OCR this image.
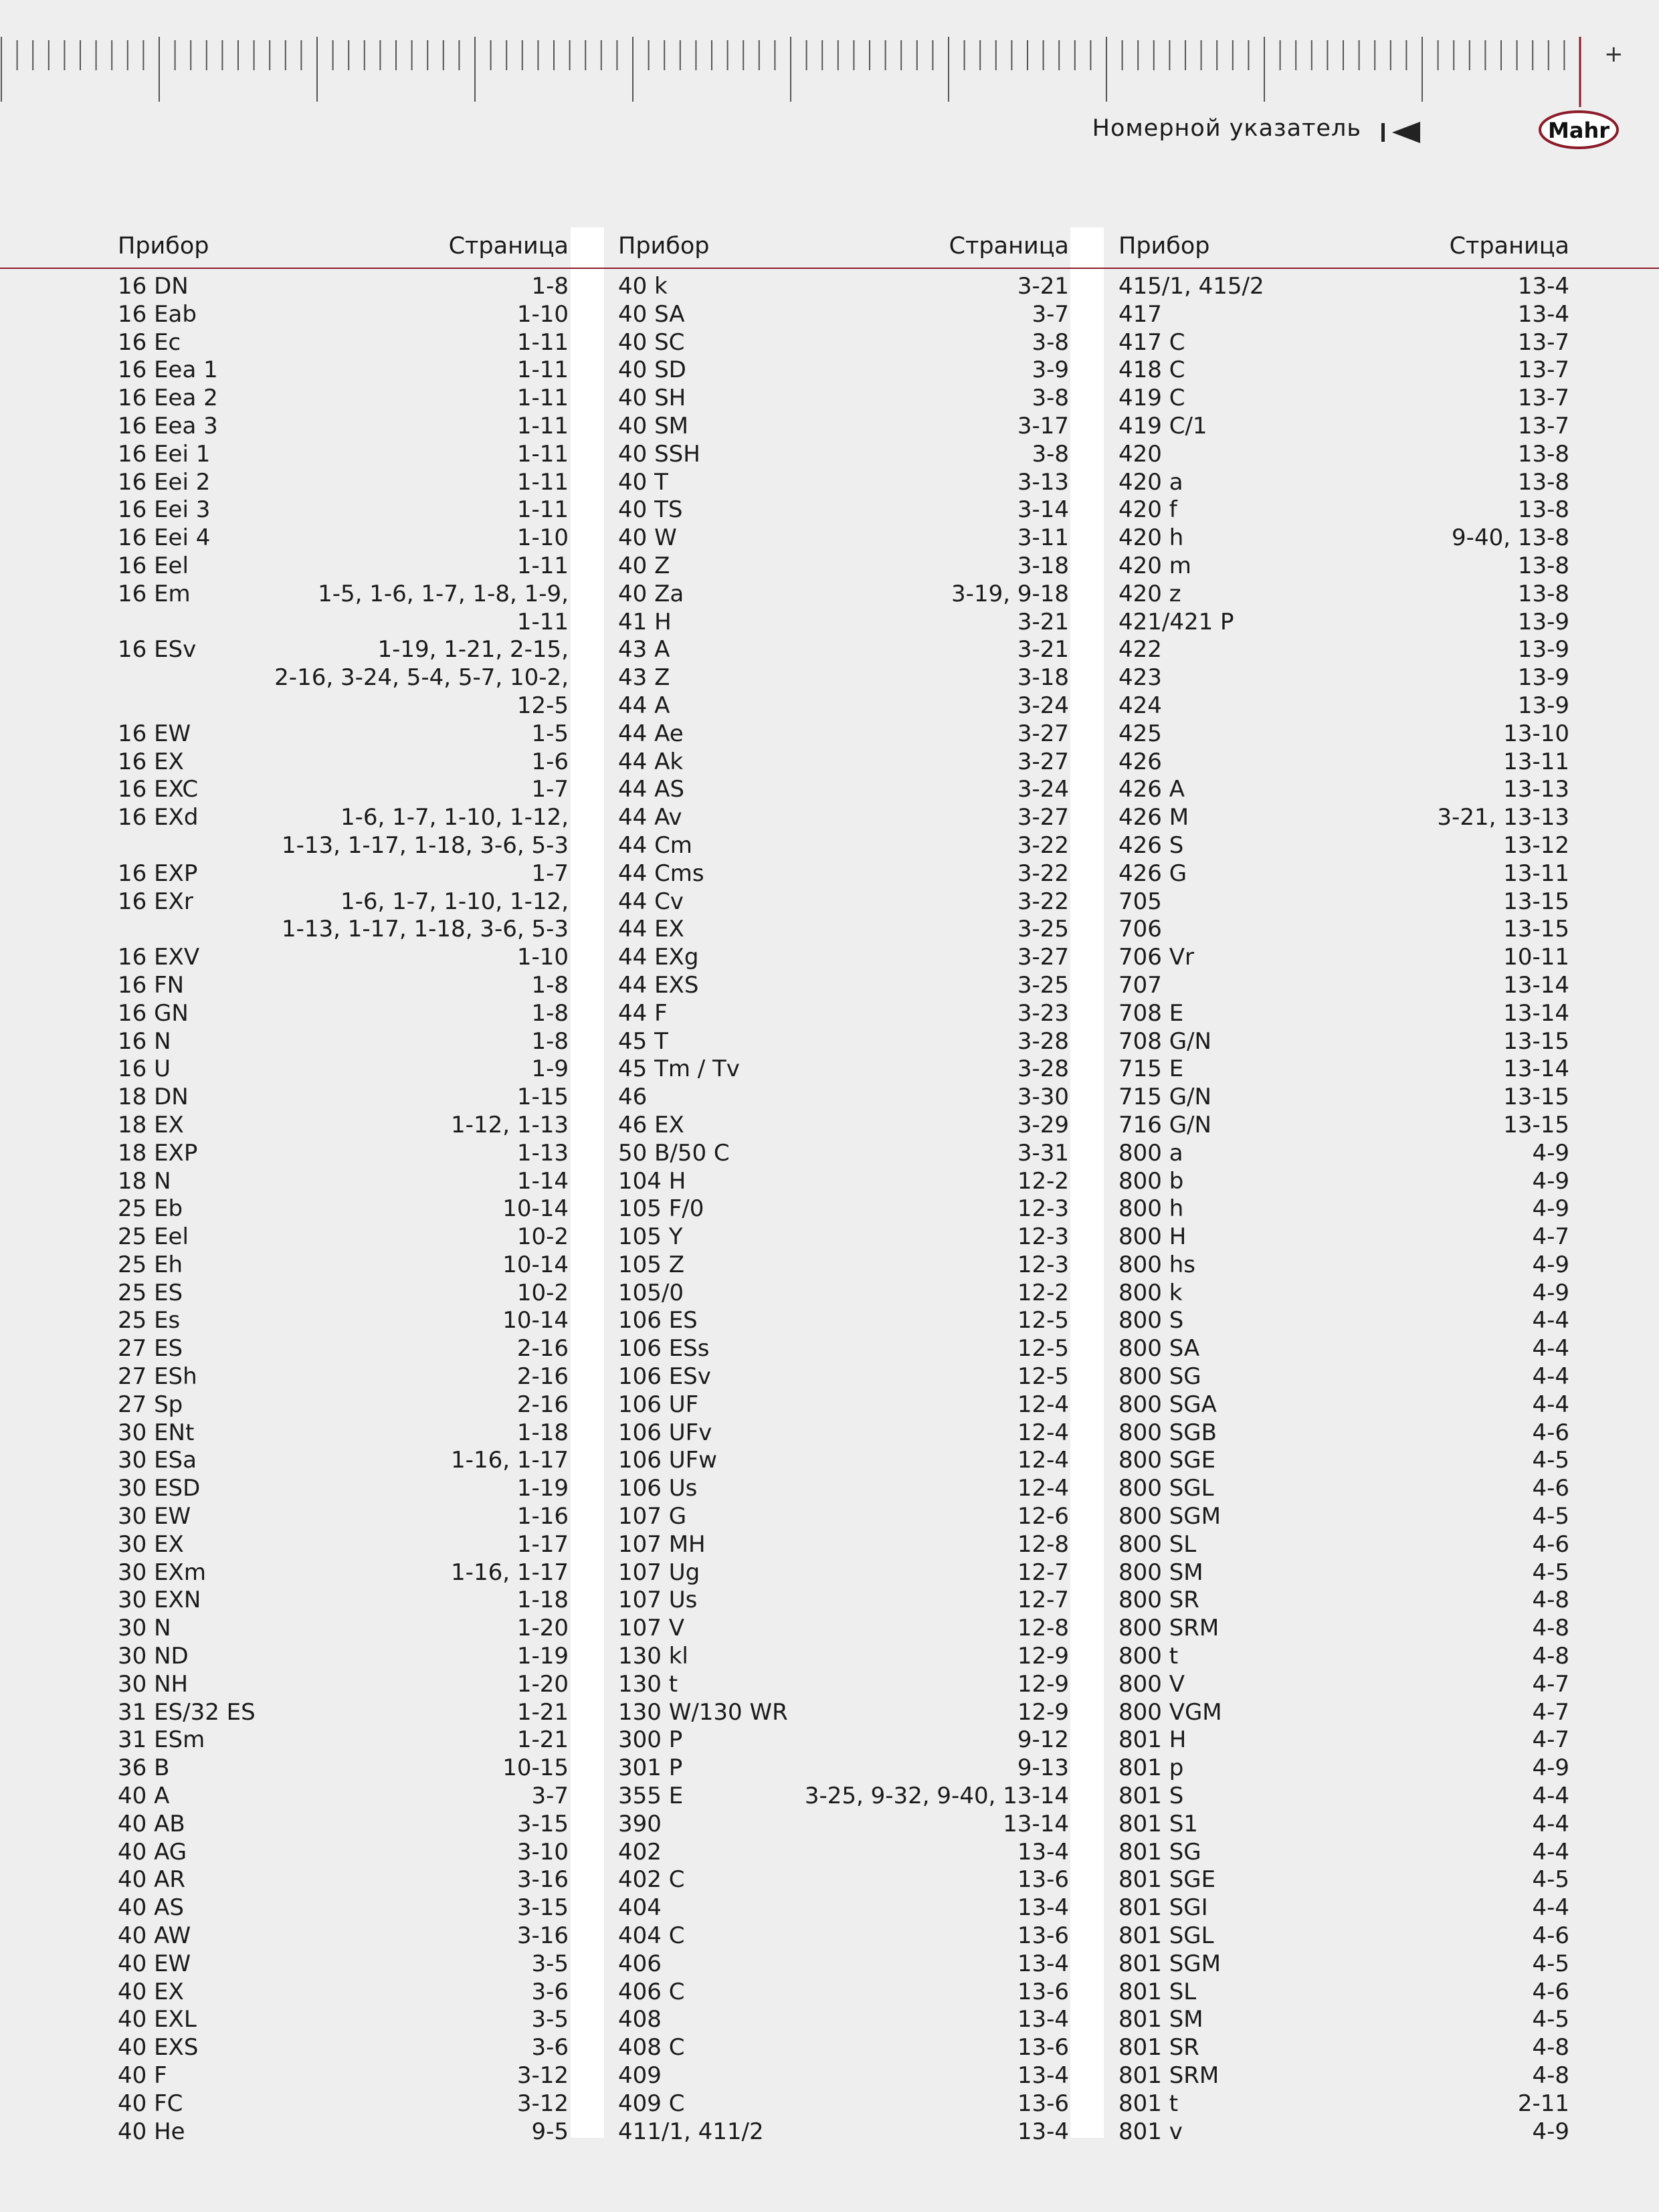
+
Номерной указатель	Mahr
Прибор	Страница
16 DN	1-8
16 Eab	1-10
16 Ec	1-11
16 Eea 1	1-11
16 Eea 2	1-11
16 Eea 3	1-11
16 Eei 1	1-11
16 Eei 2	1-11
16 Eei 3	1-11
16 Eei 4	1-10
16 Eel	1-11
16 Em	1-5, 1-6, 1-7, 1-8, 1-9,
1-11
16 ESv	1-19, 1-21, 2-15,
2-16, 3-24, 5-4, 5-7, 10-2,
12-5
16 EW	1-5
16 EX	1-6
16 EXC	1-7
16 EXd	1-6, 1-7, 1-10, 1-12,
1-13, 1-17, 1-18, 3-6, 5-3
16 EXP	1-7
16 EXr	1-6, 1-7, 1-10, 1-12,
1-13, 1-17, 1-18, 3-6, 5-3
16 EXV	1-10
16 FN	1-8
16 GN	1-8
16 N	1-8
16 U	1-9
18 DN	1-15
18 EX	1-12, 1-13
18 EXP	1-13
18 N	1-14
25 Eb	10-14
25 Eel	10-2
25 Eh	10-14
25 ES	10-2
25 Es	10-14
27 ES	2-16
27 ESh	2-16
27 Sp	2-16
30 ENt	1-18
30 ESa	1-16, 1-17
30 ESD	1-19
30 EW	1-16
30 EX	1-17
30 EXm	1-16, 1-17
30 EXN	1-18
30 N	1-20
30 ND	1-19
30 NH	1-20
31 ES/32 ES	1-21
31 ESm	1-21
36 B	10-15
40 A	3-7
40 AB	3-15
40 AG	3-10
40 AR	3-16
40 AS	3-15
40 AW	3-16
40 EW	3-5
40 EX	3-6
40 EXL	3-5
40 EXS	3-6
40 F	3-12
40 FC	3-12
40 He	9-5
Прибор	Страница
40 k	3-21
40 SA	3-7
40 SC	3-8
40 SD	3-9
40 SH	3-8
40 SM	3-17
40 SSH	3-8
40 T	3-13
40 TS	3-14
40 W	3-11
40 Z	3-18
40 Za	3-19, 9-18
41 H	3-21
43 A	3-21
43 Z	3-18
44 A	3-24
44 Ae	3-27
44 Ak	3-27
44 AS	3-24
44 Av	3-27
44 Cm	3-22
44 Cms	3-22
44 Cv	3-22
44 EX	3-25
44 EXg	3-27
44 EXS	3-25
44 F	3-23
45 T	3-28
45 Tm / Tv	3-28
46	3-30
46 EX	3-29
50 B/50 C	3-31
104 H	12-2
105 F/0	12-3
105 Y	12-3
105 Z	12-3
105/0	12-2
106 ES	12-5
106 ESs	12-5
106 ESv	12-5
106 UF	12-4
106 UFv	12-4
106 UFw	12-4
106 Us	12-4
107 G	12-6
107 MH	12-8
107 Ug	12-7
107 Us	12-7
107 V	12-8
130 kl	12-9
130 t	12-9
130 W/130 WR	12-9
300 P	9-12
301 P	9-13
355 E	3-25, 9-32, 9-40, 13-14
390	13-14
402	13-4
402 C	13-6
404	13-4
404 C	13-6
406	13-4
406 C	13-6
408	13-4
408 C	13-6
409	13-4
409 C	13-6
411/1, 411/2	13-4
Прибор	Страница
415/1, 415/2	13-4
417	13-4
417 C	13-7
418 C	13-7
419 C	13-7
419 C/1	13-7
420	13-8
420 a	13-8
420 f	13-8
420 h	9-40, 13-8
420 m	13-8
420 z	13-8
421/421 P	13-9
422	13-9
423	13-9
424	13-9
425	13-10
426	13-11
426 A	13-13
426 M	3-21, 13-13
426 S	13-12
426 G	13-11
705	13-15
706	13-15
706 Vr	10-11
707	13-14
708 E	13-14
708 G/N	13-15
715 E	13-14
715 G/N	13-15
716 G/N	13-15
800 a	4-9
800 b	4-9
800 h	4-9
800 H	4-7
800 hs	4-9
800 k	4-9
800 S	4-4
800 SA	4-4
800 SG	4-4
800 SGA	4-4
800 SGB	4-6
800 SGE	4-5
800 SGL	4-6
800 SGM	4-5
800 SL	4-6
800 SM	4-5
800 SR	4-8
800 SRM	4-8
800 t	4-8
800 V	4-7
800 VGM	4-7
801 H	4-7
801 p	4-9
801 S	4-4
801 S1	4-4
801 SG	4-4
801 SGE	4-5
801 SGI	4-4
801 SGL	4-6
801 SGM	4-5
801 SL	4-6
801 SM	4-5
801 SR	4-8
801 SRM	4-8
801 t	2-11
801 v	4-9
